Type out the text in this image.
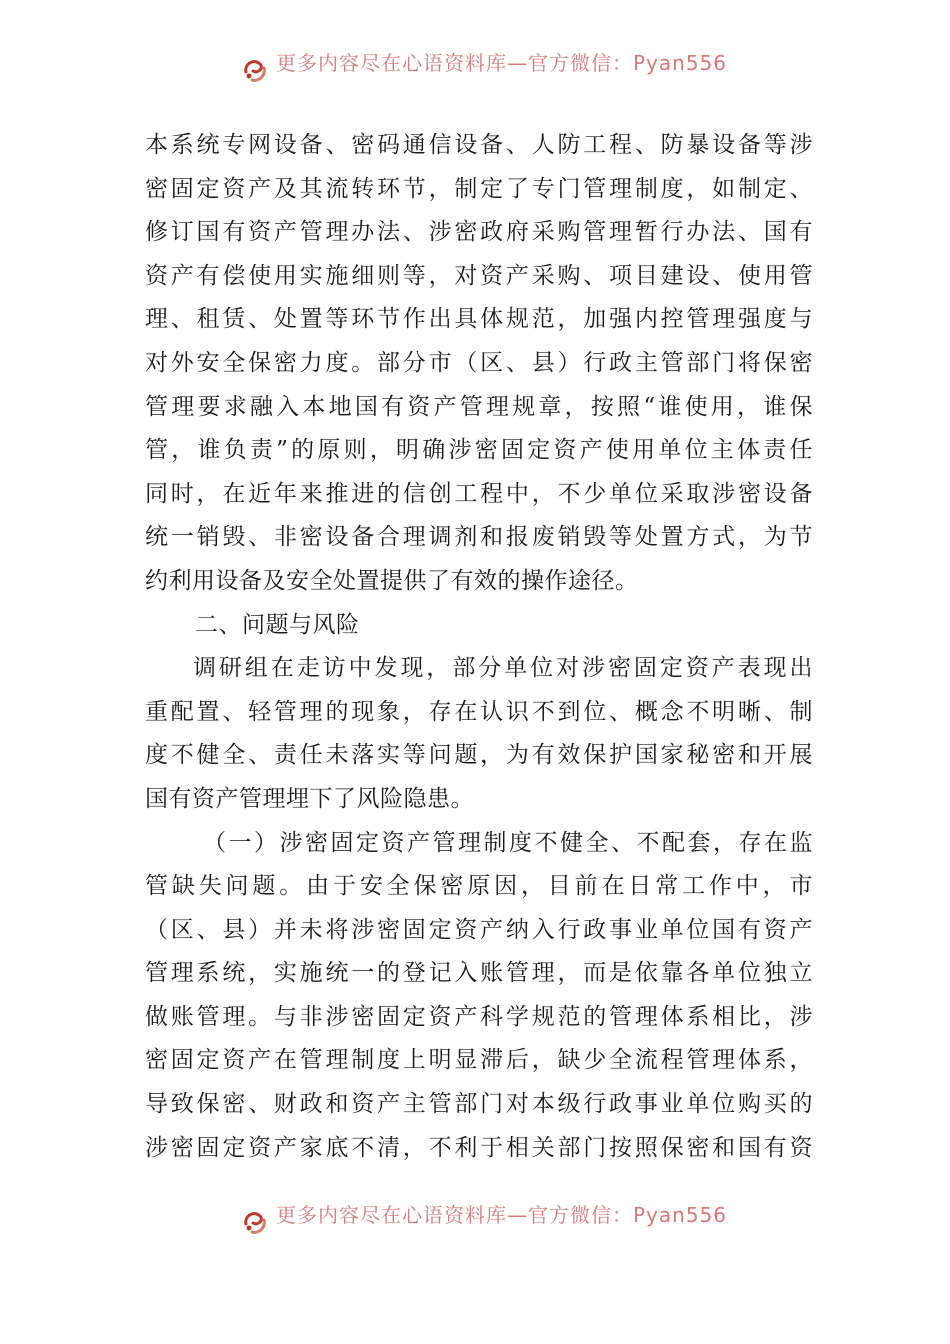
更多内容尽在心语资料库—官方微信：Pyan556
本系统专网设备、密码通信设备、人防工程、防暴设备等涉
密固定资产及其流转环节，制定了专门管理制度，如制定、
修订国有资产管理办法、涉密政府采购管理暂行办法、国有
资产有偿使用实施细则等，对资产采购、项目建设、使用管
理、租赁、处置等环节作出具体规范，加强内控管理强度与
对外安全保密力度。部分市（区、县）行政主管部门将保密
管理要求融入本地国有资产管理规章，按照“谁使用，谁保
管，谁负责”的原则，明确涉密固定资产使用单位主体责任
同时，在近年来推进的信创工程中，不少单位采取涉密设备
统一销毁、非密设备合理调剂和报废销毁等处置方式，为节
约利用设备及安全处置提供了有效的操作途径。
二、问题与风险
调研组在走访中发现，部分单位对涉密固定资产表现出
重配置、轻管理的现象，存在认识不到位、概念不明晰、制
度不健全、责任未落实等问题，为有效保护国家秘密和开展
国有资产管理埋下了风险隐患。
（一）涉密固定资产管理制度不健全、不配套，存在监
管缺失问题。由于安全保密原因，目前在日常工作中，市
（区、县）并未将涉密固定资产纳入行政事业单位国有资产
管理系统，实施统一的登记入账管理，而是依靠各单位独立
做账管理。与非涉密固定资产科学规范的管理体系相比，涉
密固定资产在管理制度上明显滞后，缺少全流程管理体系，
导致保密、财政和资产主管部门对本级行政事业单位购买的
涉密固定资产家底不清，不利于相关部门按照保密和国有资
更多内容尽在心语资料库—官方微信：Pyan556
